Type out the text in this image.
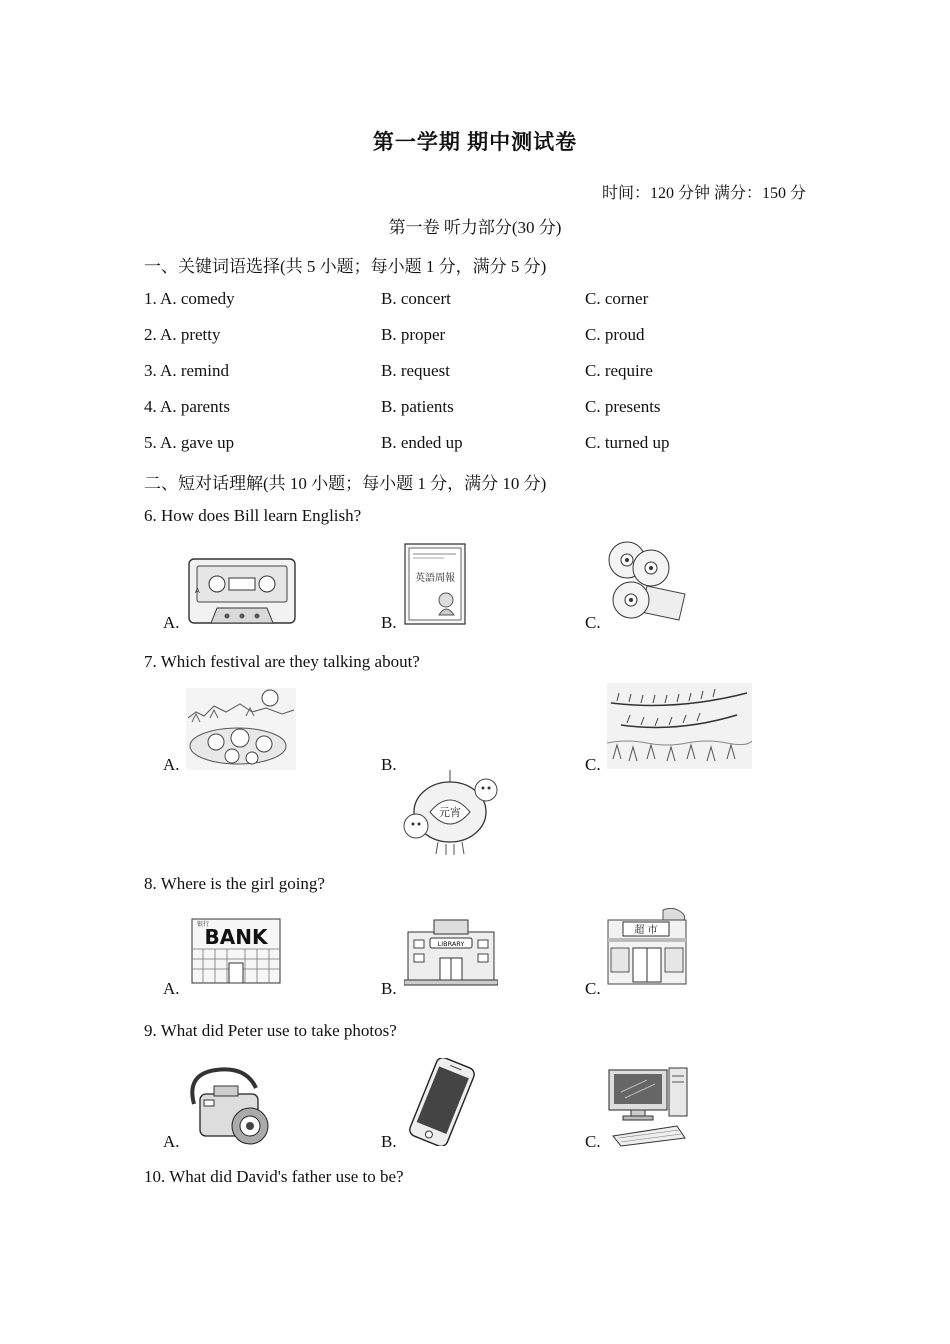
第一学期 期中测试卷
时间：120 分钟 满分：150 分
第一卷 听力部分(30 分)
一、关键词语选择(共 5 小题；每小题 1 分，满分 5 分)
1. A. comedy	B. concert	C. corner
2. A. pretty	B. proper	C. proud
3. A. remind	B. request	C. require
4. A. parents	B. patients	C. presents
5. A. gave up	B. ended up	C. turned up
二、短对话理解(共 10 小题；每小题 1 分，满分 10 分)
6. How does Bill learn English?
A.	B.	C.
A
英語周報
7. Which festival are they talking about?
A.	B.	C.
元宵
8. Where is the girl going?
A.	B.	C.
银行
BANK	LIBRARY
超 市
9. What did Peter use to take photos?
A.	B.	C.
10. What did David's father use to be?
